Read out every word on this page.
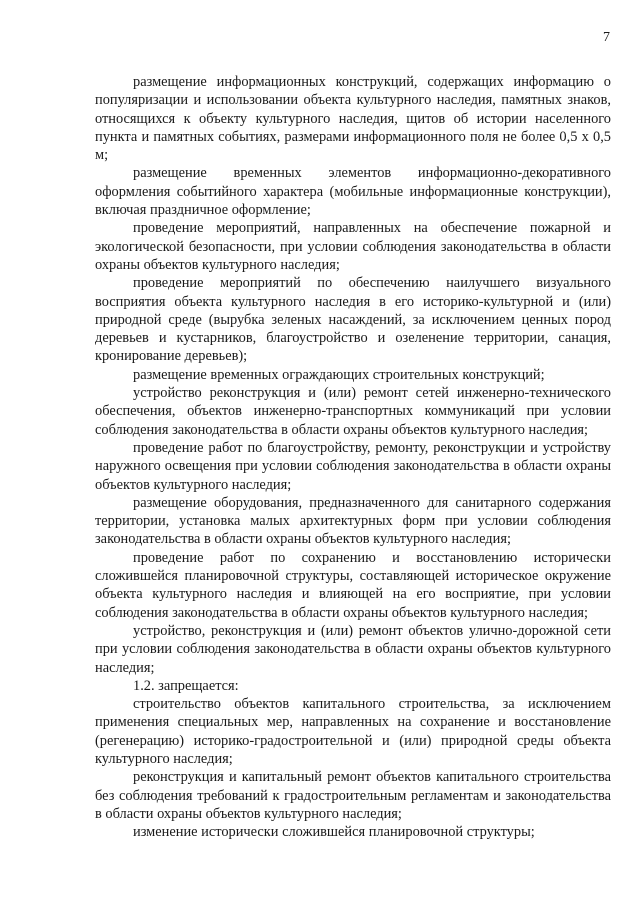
7

размещение информационных конструкций, содержащих информацию о популяризации и использовании объекта культурного наследия, памятных знаков, относящихся к объекту культурного наследия, щитов об истории населенного пункта и памятных событиях, размерами информационного поля не более 0,5 х 0,5 м;

размещение временных элементов информационно-декоративного оформления событийного характера (мобильные информационные конструкции), включая праздничное оформление;

проведение мероприятий, направленных на обеспечение пожарной и экологической безопасности, при условии соблюдения законодательства в области охраны объектов культурного наследия;

проведение мероприятий по обеспечению наилучшего визуального восприятия объекта культурного наследия в его историко-культурной и (или) природной среде (вырубка зеленых насаждений, за исключением ценных пород деревьев и кустарников, благоустройство и озеленение территории, санация, кронирование деревьев);

размещение временных ограждающих строительных конструкций;

устройство реконструкция и (или) ремонт сетей инженерно-технического обеспечения, объектов инженерно-транспортных коммуникаций при условии соблюдения законодательства в области охраны объектов культурного наследия;

проведение работ по благоустройству, ремонту, реконструкции и устройству наружного освещения при условии соблюдения законодательства в области охраны объектов культурного наследия;

размещение оборудования, предназначенного для санитарного содержания территории, установка малых архитектурных форм при условии соблюдения законодательства в области охраны объектов культурного наследия;

проведение работ по сохранению и восстановлению исторически сложившейся планировочной структуры, составляющей историческое окружение объекта культурного наследия и влияющей на его восприятие, при условии соблюдения законодательства в области охраны объектов культурного наследия;

устройство, реконструкция и (или) ремонт объектов улично-дорожной сети при условии соблюдения законодательства в области охраны объектов культурного наследия;

1.2. запрещается:

строительство объектов капитального строительства, за исключением применения специальных мер, направленных на сохранение и восстановление (регенерацию) историко-градостроительной и (или) природной среды объекта культурного наследия;

реконструкция и капитальный ремонт объектов капитального строительства без соблюдения требований к градостроительным регламентам и законодательства в области охраны объектов культурного наследия;

изменение исторически сложившейся планировочной структуры;
